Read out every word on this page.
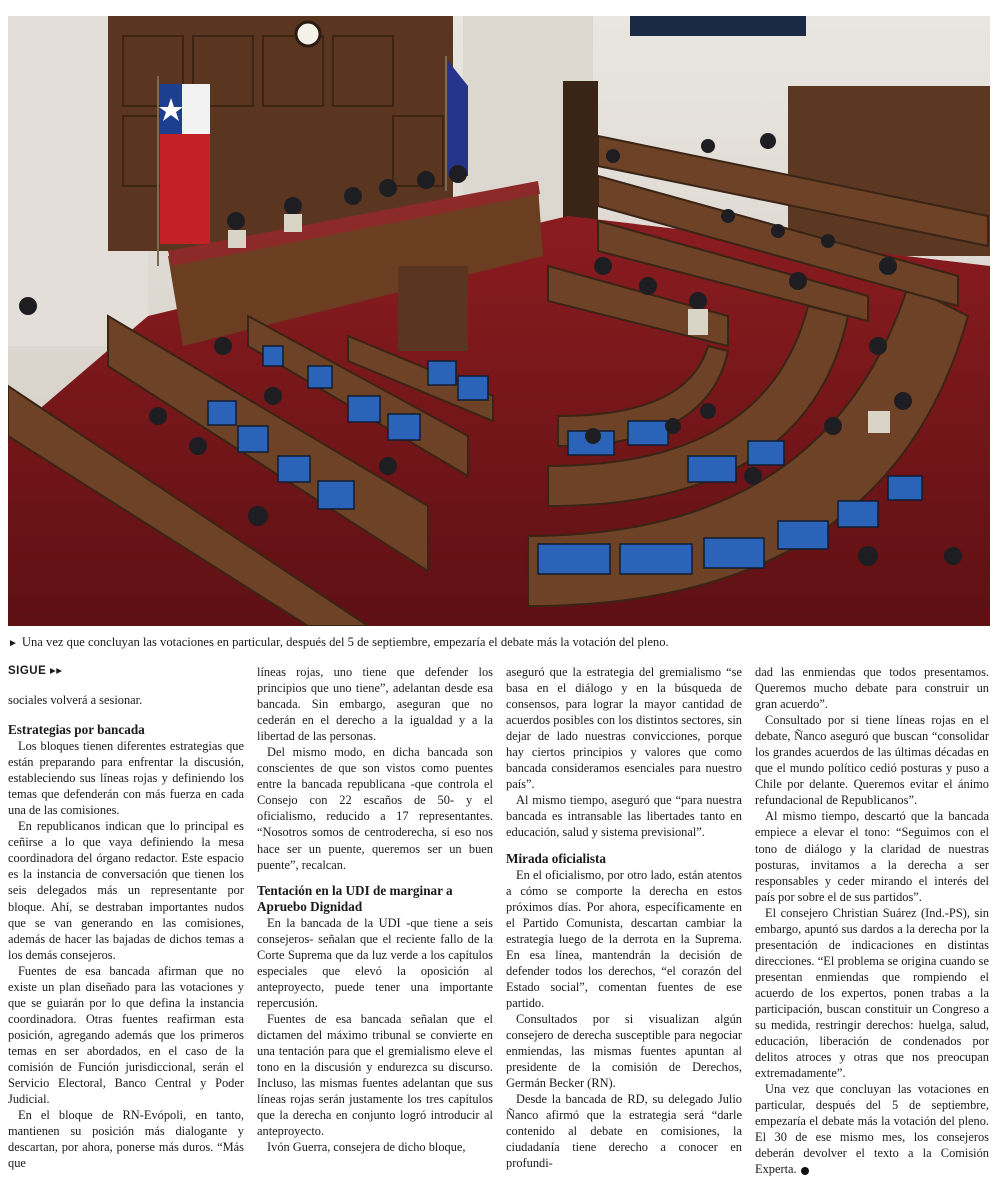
► Una vez que concluyan las votaciones en particular, después del 5 de septiembre, empezaría el debate más la votación del pleno.
SIGUE ▸▸

sociales volverá a sesionar.

Estrategias por bancada

Los bloques tienen diferentes estrategias que están preparando para enfrentar la discusión, estableciendo sus líneas rojas y definiendo los temas que defenderán con más fuerza en cada una de las comisiones.

En republicanos indican que lo principal es ceñirse a lo que vaya definiendo la mesa coordinadora del órgano redactor. Este espacio es la instancia de conversación que tienen los seis delegados más un representante por bloque. Ahí, se destraban importantes nudos que se van generando en las comisiones, además de hacer las bajadas de dichos temas a los demás consejeros.

Fuentes de esa bancada afirman que no existe un plan diseñado para las votaciones y que se guiarán por lo que defina la instancia coordinadora. Otras fuentes reafirman esta posición, agregando además que los primeros temas en ser abordados, en el caso de la comisión de Función jurisdiccional, serán el Servicio Electoral, Banco Central y Poder Judicial.

En el bloque de RN-Evópoli, en tanto, mantienen su posición más dialogante y descartan, por ahora, ponerse más duros. “Más que

líneas rojas, uno tiene que defender los principios que uno tiene”, adelantan desde esa bancada. Sin embargo, aseguran que no cederán en el derecho a la igualdad y a la libertad de las personas.

Del mismo modo, en dicha bancada son conscientes de que son vistos como puentes entre la bancada republicana -que controla el Consejo con 22 escaños de 50- y el oficialismo, reducido a 17 representantes. “Nosotros somos de centroderecha, si eso nos hace ser un puente, queremos ser un buen puente”, recalcan.

Tentación en la UDI de marginar a Apruebo Dignidad

En la bancada de la UDI -que tiene a seis consejeros- señalan que el reciente fallo de la Corte Suprema que da luz verde a los capítulos especiales que elevó la oposición al anteproyecto, puede tener una importante repercusión.

Fuentes de esa bancada señalan que el dictamen del máximo tribunal se convierte en una tentación para que el gremialismo eleve el tono en la discusión y endurezca su discurso. Incluso, las mismas fuentes adelantan que sus líneas rojas serán justamente los tres capítulos que la derecha en conjunto logró introducir al anteproyecto.

Ivón Guerra, consejera de dicho bloque,

aseguró que la estrategia del gremialismo “se basa en el diálogo y en la búsqueda de consensos, para lograr la mayor cantidad de acuerdos posibles con los distintos sectores, sin dejar de lado nuestras convicciones, porque hay ciertos principios y valores que como bancada consideramos esenciales para nuestro país”.

Al mismo tiempo, aseguró que “para nuestra bancada es intransable las libertades tanto en educación, salud y sistema previsional”.

Mirada oficialista

En el oficialismo, por otro lado, están atentos a cómo se comporte la derecha en estos próximos días. Por ahora, específicamente en el Partido Comunista, descartan cambiar la estrategia luego de la derrota en la Suprema. En esa línea, mantendrán la decisión de defender todos los derechos, “el corazón del Estado social”, comentan fuentes de ese partido.

Consultados por si visualizan algún consejero de derecha susceptible para negociar enmiendas, las mismas fuentes apuntan al presidente de la comisión de Derechos, Germán Becker (RN).

Desde la bancada de RD, su delegado Julio Ñanco afirmó que la estrategia será “darle contenido al debate en comisiones, la ciudadanía tiene derecho a conocer en profundi-

dad las enmiendas que todos presentamos. Queremos mucho debate para construir un gran acuerdo”.

Consultado por si tiene líneas rojas en el debate, Ñanco aseguró que buscan “consolidar los grandes acuerdos de las últimas décadas en que el mundo político cedió posturas y puso a Chile por delante. Queremos evitar el ánimo refundacional de Republicanos”.

Al mismo tiempo, descartó que la bancada empiece a elevar el tono: “Seguimos con el tono de diálogo y la claridad de nuestras posturas, invitamos a la derecha a ser responsables y ceder mirando el interés del país por sobre el de sus partidos”.

El consejero Christian Suárez (Ind.-PS), sin embargo, apuntó sus dardos a la derecha por la presentación de indicaciones en distintas direcciones. “El problema se origina cuando se presentan enmiendas que rompiendo el acuerdo de los expertos, ponen trabas a la participación, buscan constituir un Congreso a su medida, restringir derechos: huelga, salud, educación, liberación de condenados por delitos atroces y otras que nos preocupan extremadamente”.

Una vez que concluyan las votaciones en particular, después del 5 de septiembre, empezaría el debate más la votación del pleno. El 30 de ese mismo mes, los consejeros deberán devolver el texto a la Comisión Experta.
